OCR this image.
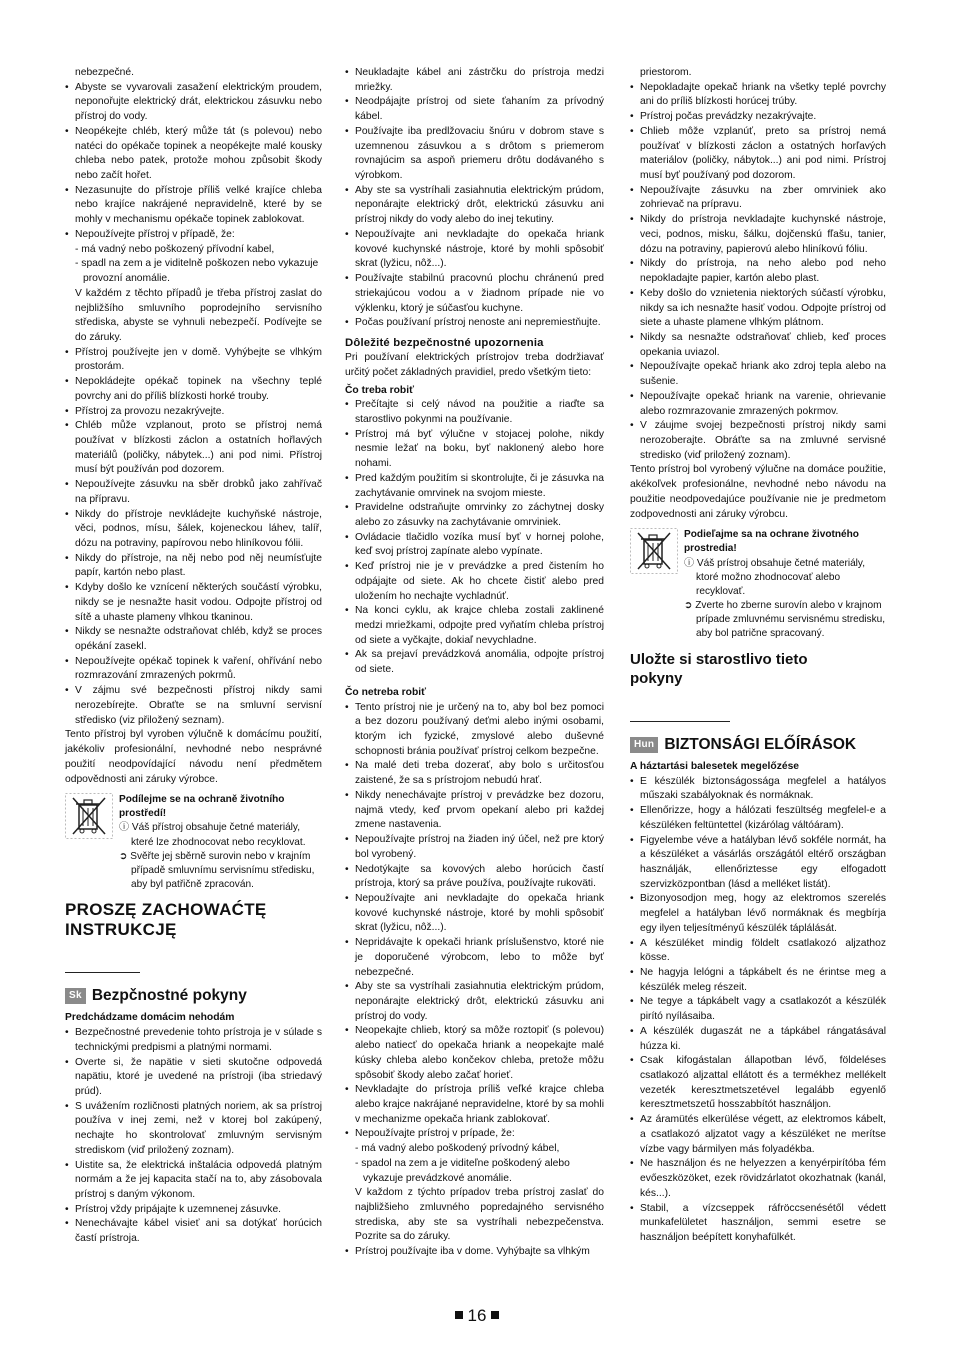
nebezpečné.

• Abyste se vyvarovali zasažení elektrickým proudem, neponořujte elektrický drát, elektrickou zásuvku nebo přístroj do vody.
• Neopékejte chléb, který může tát (s polevou) nebo natéci do opékače topinek a neopékejte malé kousky chleba nebo patek, protože mohou způsobit škody nebo začít hořet.
• Nezasunujte do přístroje příliš velké krajíce chleba nebo krajíce nakrájené nepravidelně, které by se mohly v mechanismu opékače topinek zablokovat.
• Nepoužívejte přístroj v případě, že:
- má vadný nebo poškozený přívodní kabel,
- spadl na zem a je viditelně poškozen nebo vykazuje provozní anomálie.

V každém z těchto případů je třeba přístroj zaslat do nejbližšího smluvního poprodejního servisního střediska, abyste se vyhnuli nebezpečí. Podívejte se do záruky.

• Přístroj používejte jen v domě. Vyhýbejte se vlhkým prostorám.
• Nepokládejte opékač topinek na všechny teplé povrchy ani do příliš blízkosti horké trouby.
• Přístroj za provozu nezakrývejte.
• Chléb může vzplanout, proto se přístroj nemá používat v blízkosti záclon a ostatních hořlavých materiálů (poličky, nábytek...) ani pod nimi. Přístroj musí být používán pod dozorem.
• Nepoužívejte zásuvku na sběr drobků jako zahřívač na přípravu.
• Nikdy do přístroje nevkládejte kuchyňské nástroje, věci, podnos, mísu, šálek, kojeneckou láhev, talíř, dózu na potraviny, papírovou nebo hliníkovou fólii.
• Nikdy do přístroje, na něj nebo pod něj neumísťujte papír, kartón nebo plast.
• Kdyby došlo ke vznícení některých součástí výrobku, nikdy se je nesnažte hasit vodou. Odpojte přístroj od sítě a uhaste plameny vlhkou tkaninou.
• Nikdy se nesnažte odstraňovat chléb, když se proces opékání zasekl.
• Nepoužívejte opékač topinek k vaření, ohřívání nebo rozmrazování zmrazených pokrmů.
• V zájmu své bezpečnosti přístroj nikdy sami nerozebírejte. Obraťte se na smluvní servisní středisko (viz přiložený seznam).

Tento přístroj byl vyroben výlučně k domácímu použití, jakékoliv profesionální, nevhodné nebo nesprávné použití neodpovídající návodu není předmětem odpovědnosti ani záruky výrobce.

Podílejme se na ochraně životního prostředí!
ⓘ Váš přístroj obsahuje četné materiály, které lze zhodnocovat nebo recyklovat.
➲ Svěřte jej sběrně surovin nebo v krajním případě smluvnímu servisnímu středisku, aby byl patřičně zpracován.
PROSZĘ ZACHOWAĆTĘ INSTRUKCJĘ
Sk Bezpčnostné pokyny
Predchádzame domácim nehodám
• Bezpečnostné prevedenie tohto prístroja je v súlade s technickými predpismi a platnými normami.
• Overte si, že napätie v sieti skutočne odpovedá napätiu, ktoré je uvedené na prístroji (iba striedavý prúd).
• S uvážením rozličnosti platných noriem, ak sa prístroj používa v inej zemi, než v ktorej bol zakúpený, nechajte ho skontrolovať zmluvným servisným strediskom (viď priložený zoznam).
• Uistite sa, že elektrická inštalácia odpovedá platným normám a že jej kapacita stačí na to, aby zásobovala prístroj s daným výkonom.
• Prístroj vždy pripájajte k uzemnenej zásuvke.
• Nenechávajte kábel visieť ani sa dotýkať horúcich častí prístroja.
• Neukladajte kábel ani zástrčku do prístroja medzi mriežky.
• Neodpájajte prístroj od siete ťahaním za prívodný kábel.
• Používajte iba predlžovaciu šnúru v dobrom stave s uzemnenou zásuvkou a s drôtom s priemerom rovnajúcim sa aspoň priemeru drôtu dodávaného s výrobkom.
• Aby ste sa vystríhali zasiahnutia elektrickým prúdom, neponárajte elektrický drôt, elektrickú zásuvku ani prístroj nikdy do vody alebo do inej tekutiny.
• Nepoužívajte ani nevkladajte do opekača hriank kovové kuchynské nástroje, ktoré by mohli spôsobiť skrat (lyžicu, nôž...).
• Používajte stabilnú pracovnú plochu chránenú pred striekajúcou vodou a v žiadnom prípade nie vo výklenku, ktorý je súčasťou kuchyne.
• Počas používaní prístroj nenoste ani nepremiestňujte.
Dôležité bezpečnostné upozornenia

Pri používaní elektrických prístrojov treba dodržiavať určitý počet základných pravidiel, predo všetkým tieto:

Čo treba robiť
• Prečítajte si celý návod na použitie a riaďte sa starostlivo pokynmi na používanie.
• Prístroj má byť výlučne v stojacej polohe, nikdy nesmie ležať na boku, byť naklonený alebo hore nohami.
• Pred každým použitím si skontrolujte, či je zásuvka na zachytávanie omrvinek na svojom mieste.
• Pravidelne odstraňujte omrvinky zo záchytnej dosky alebo zo zásuvky na zachytávanie omrviniek.
• Ovládacie tlačidlo vozíka musí byť v hornej polohe, keď svoj prístroj zapínate alebo vypínate.
• Keď prístroj nie je v prevádzke a pred čistením ho odpájajte od siete. Ak ho chcete čistiť alebo pred uložením ho nechajte vychladnúť.
• Na konci cyklu, ak krajce chleba zostali zaklinené medzi mriežkami, odpojte pred vyňatím chleba prístroj od siete a vyčkajte, dokiaľ nevychladne.
• Ak sa prejaví prevádzková anomália, odpojte prístroj od siete.
Čo netreba robiť
• Tento prístroj nie je určený na to, aby bol bez pomoci a bez dozoru používaný deťmi alebo inými osobami, ktorým ich fyzické, zmyslové alebo duševné schopnosti bránia používať prístroj celkom bezpečne.
• Na malé deti treba dozerať, aby bolo s určitosťou zaistené, že sa s prístrojom nebudú hrať.
• Nikdy nenechávajte prístroj v prevádzke bez dozoru, najmä vtedy, keď prvom opekaní alebo pri každej zmene nastavenia.
• Nepoužívajte prístroj na žiaden iný účel, než pre ktorý bol vyrobený.
• Nedotýkajte sa kovových alebo horúcich častí prístroja, ktorý sa práve používa, používajte rukoväti.
• Nepoužívajte ani nevkladajte do opekača hriank kovové kuchynské nástroje, ktoré by mohli spôsobiť skrat (lyžicu, nôž...).
• Nepridávajte k opekači hriank príslušenstvo, ktoré nie je doporučené výrobcom, lebo to môže byť nebezpečné.
• Aby ste sa vystríhali zasiahnutia elektrickým prúdom, neponárajte elektrický drôt, elektrickú zásuvku ani prístroj do vody.
• Neopekajte chlieb, ktorý sa môže roztopiť (s polevou) alebo natiecť do opekača hriank a neopekajte malé kúsky chleba alebo končekov chleba, pretože môžu spôsobiť škody alebo začať horieť.
• Nevkladajte do prístroja príliš veľké krajce chleba alebo krajce nakrájané nepravidelne, ktoré by sa mohli v mechanizme opekača hriank zablokovať.
• Nepoužívajte prístroj v prípade, že:
- má vadný alebo poškodený prívodný kábel,
- spadol na zem a je viditeľne poškodený alebo vykazuje prevádzkové anomálie.

V každom z týchto prípadov treba prístroj zaslať do najbližšieho zmluvného popredajného servisného strediska, aby ste sa vystríhali nebezpečenstva. Pozrite sa do záruky.

• Prístroj používajte iba v dome. Vyhýbajte sa vlhkým

priestorom.

• Nepokladajte opekač hriank na všetky teplé povrchy ani do príliš blízkosti horúcej trúby.
• Prístroj počas prevádzky nezakrývajte.
• Chlieb môže vzplanúť, preto sa prístroj nemá používať v blízkosti záclon a ostatných horľavých materiálov (poličky, nábytok...) ani pod nimi. Prístroj musí byť používaný pod dozorom.
• Nepoužívajte zásuvku na zber omrviniek ako zohrievač na prípravu.
• Nikdy do prístroja nevkladajte kuchynské nástroje, veci, podnos, misku, šálku, dojčenskú fľašu, tanier, dózu na potraviny, papierovú alebo hliníkovú fóliu.
• Nikdy do prístroja, na neho alebo pod neho nepokladajte papier, kartón alebo plast.
• Keby došlo do vznietenia niektorých súčastí výrobku, nikdy sa ich nesnažte hasiť vodou. Odpojte prístroj od siete a uhaste plamene vlhkým plátnom.
• Nikdy sa nesnažte odstraňovať chlieb, keď proces opekania uviazol.
• Nepoužívajte opekač hriank ako zdroj tepla alebo na sušenie.
• Nepoužívajte opekač hriank na varenie, ohrievanie alebo rozmrazovanie zmrazených pokrmov.
• V záujme svojej bezpečnosti prístroj nikdy sami nerozoberajte. Obráťte sa na zmluvné servisné stredisko (viď priložený zoznam).

Tento prístroj bol vyrobený výlučne na domáce použitie, akékoľvek profesionálne, nevhodné nebo návodu na použitie neodpovedajúce používanie nie je predmetom zodpovednosti ani záruky výrobcu.

Podieľajme sa na ochrane životného prostredia!
ⓘ Váš prístroj obsahuje četné materiály, ktoré možno zhodnocovať alebo recyklovať.
➲ Zverte ho zberne surovín alebo v krajnom prípade zmluvnému servisnému stredisku, aby bol patrične spracovaný.
Uložte si starostlivo tieto pokyny
Hun BIZTONSÁGI ELŐÍRÁSOK
A háztartási balesetek megelőzése
• E készülék biztonságossága megfelel a hatályos műszaki szabályoknak és normáknak.
• Ellenőrizze, hogy a hálózati feszültség megfelel-e a készüléken feltüntettel (kizárólag váltóáram).
• Figyelembe véve a hatályban lévő sokféle normát, ha a készüléket a vásárlás országától eltérő országban használják, ellenőriztesse egy elfogadott szervizközpontban (lásd a melléket listát).
• Bizonyosodjon meg, hogy az elektromos szerelés megfelel a hatályban lévő normáknak és megbírja egy ilyen teljesítményű készülék táplálását.
• A készüléket mindig földelt csatlakozó aljzathoz kösse.
• Ne hagyja lelógni a tápkábelt és ne érintse meg a készülék meleg részeit.
• Ne tegye a tápkábelt vagy a csatlakozót a készülék pirító nyílásaiba.
• A készülék dugaszát ne a tápkábel rángatásával húzza ki.
• Csak kifogástalan állapotban lévő, földeléses csatlakozó aljzattal ellátott és a termékhez mellékelt vezeték keresztmetszetével legalább egyenlő keresztmetszetű hosszabbítót használjon.
• Az áramütés elkerülése végett, az elektromos kábelt, a csatlakozó aljzatot vagy a készüléket ne merítse vízbe vagy bármilyen más folyadékba.
• Ne használjon és ne helyezzen a kenyérpirítóba fém evőeszközöket, ezek rövidzárlatot okozhatnak (kanál, kés...).
• Stabil, a vízcseppek ráfröccsenésétől védett munkafelületet használjon, semmi esetre se használjon beépített konyhafülkét.
16
